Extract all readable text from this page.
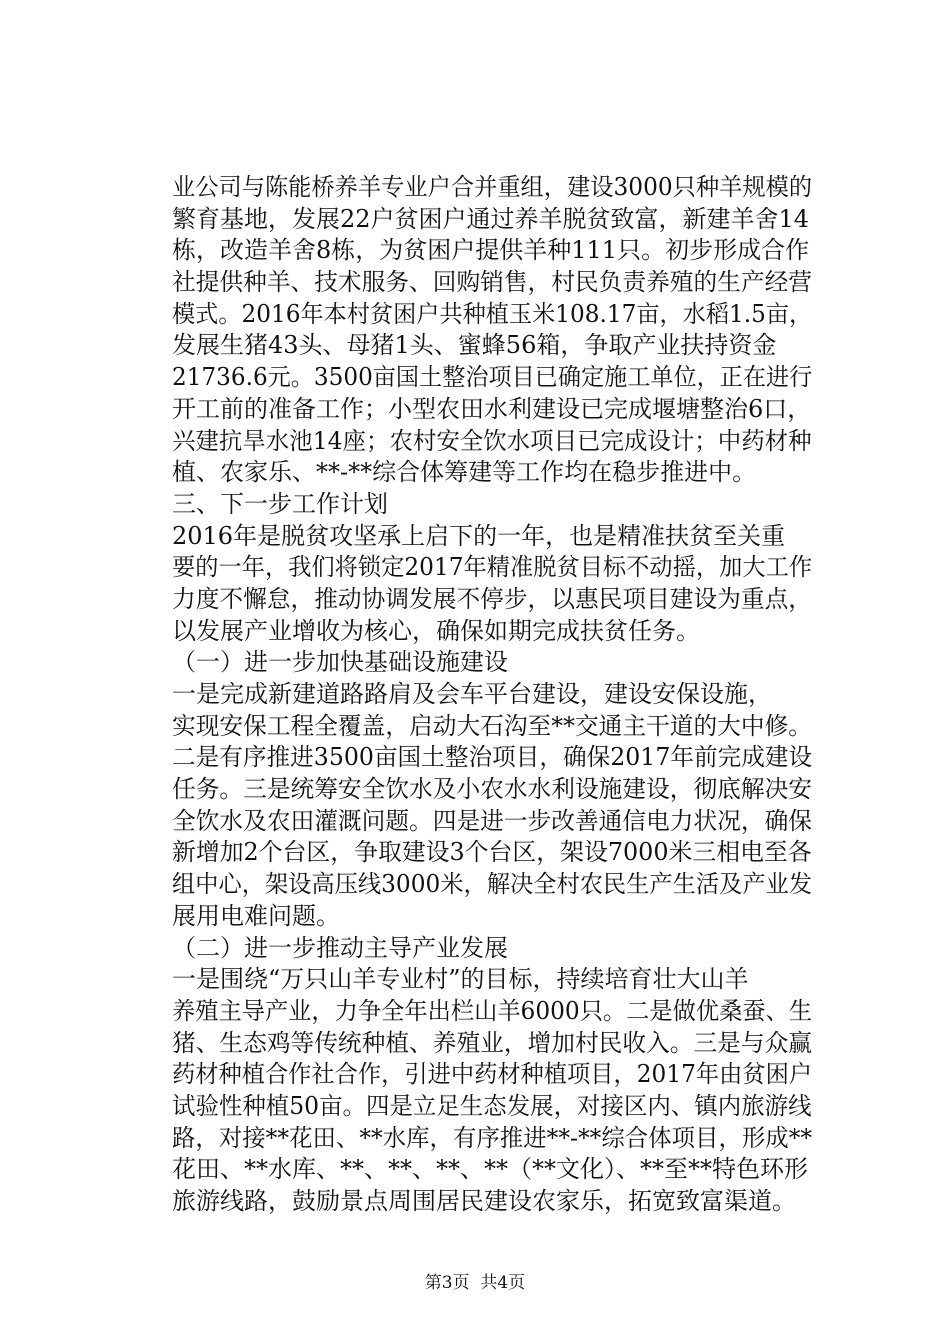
业公司与陈能桥养羊专业户合并重组，建设3000只种羊规模的
繁育基地，发展22户贫困户通过养羊脱贫致富，新建羊舍14
栋，改造羊舍8栋，为贫困户提供羊种111只。初步形成合作
社提供种羊、技术服务、回购销售，村民负责养殖的生产经营
模式。2016年本村贫困户共种植玉米108.17亩，水稻1.5亩，
发展生猪43头、母猪1头、蜜蜂56箱，争取产业扶持资金
21736.6元。3500亩国土整治项目已确定施工单位，正在进行
开工前的准备工作；小型农田水利建设已完成堰塘整治6口，
兴建抗旱水池14座；农村安全饮水项目已完成设计；中药材种
植、农家乐、**-**综合体筹建等工作均在稳步推进中。
三、下一步工作计划
2016年是脱贫攻坚承上启下的一年，也是精准扶贫至关重
要的一年，我们将锁定2017年精准脱贫目标不动摇，加大工作
力度不懈怠，推动协调发展不停步，以惠民项目建设为重点，
以发展产业增收为核心，确保如期完成扶贫任务。
（一）进一步加快基础设施建设
一是完成新建道路路肩及会车平台建设，建设安保设施，
实现安保工程全覆盖，启动大石沟至**交通主干道的大中修。
二是有序推进3500亩国土整治项目，确保2017年前完成建设
任务。三是统筹安全饮水及小农水水利设施建设，彻底解决安
全饮水及农田灌溉问题。四是进一步改善通信电力状况，确保
新增加2个台区，争取建设3个台区，架设7000米三相电至各
组中心，架设高压线3000米，解决全村农民生产生活及产业发
展用电难问题。
（二）进一步推动主导产业发展
一是围绕“万只山羊专业村”的目标，持续培育壮大山羊
养殖主导产业，力争全年出栏山羊6000只。二是做优桑蚕、生
猪、生态鸡等传统种植、养殖业，增加村民收入。三是与众赢
药材种植合作社合作，引进中药材种植项目，2017年由贫困户
试验性种植50亩。四是立足生态发展，对接区内、镇内旅游线
路，对接**花田、**水库，有序推进**-**综合体项目，形成**
花田、**水库、**、**、**、**（**文化）、**至**特色环形
旅游线路，鼓励景点周围居民建设农家乐，拓宽致富渠道。
第3页  共4页
